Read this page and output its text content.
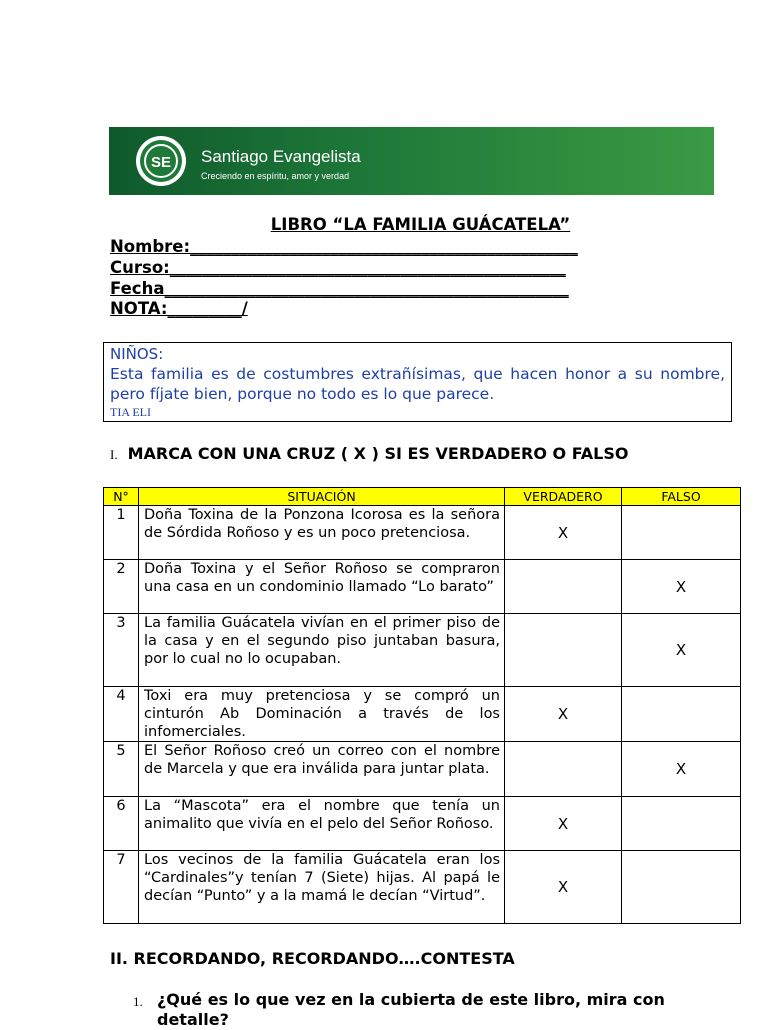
SE Santiago Evangelista
Creciendo en espíritu, amor y verdad
LIBRO “LA FAMILIA GUÁCATELA”
Nombre:_______________________________________________
Curso:________________________________________________
Fecha_________________________________________________
NOTA:_________/
NIÑOS:
Esta familia es de costumbres extrañísimas, que hacen honor a su nombre, pero fíjate bien, porque no todo es lo que parece.
TIA ELI
I. MARCA CON UNA CRUZ ( X ) SI ES VERDADERO O FALSO
N°	SITUACIÓN	VERDADERO	FALSO
1	Doña Toxina de la Ponzona Icorosa es la señora de Sórdida Roñoso y es un poco pretenciosa.	X	
2	Doña Toxina y el Señor Roñoso se compraron una casa en un condominio llamado “Lo barato”		X
3	La familia Guácatela vivían en el primer piso de la casa y en el segundo piso juntaban basura, por lo cual no lo ocupaban.		X
4	Toxi era muy pretenciosa y se compró un cinturón Ab Dominación a través de los infomerciales.	X	
5	El Señor Roñoso creó un correo con el nombre de Marcela y que era inválida para juntar plata.		X
6	La “Mascota” era el nombre que tenía un animalito que vivía en el pelo del Señor Roñoso.	X	
7	Los vecinos de la familia Guácatela eran los “Cardinales”y tenían 7 (Siete) hijas. Al papá le decían “Punto” y a la mamá le decían “Virtud”.	X	
II. RECORDANDO, RECORDANDO….CONTESTA
1. ¿Qué es lo que vez en la cubierta de este libro, mira con detalle?
